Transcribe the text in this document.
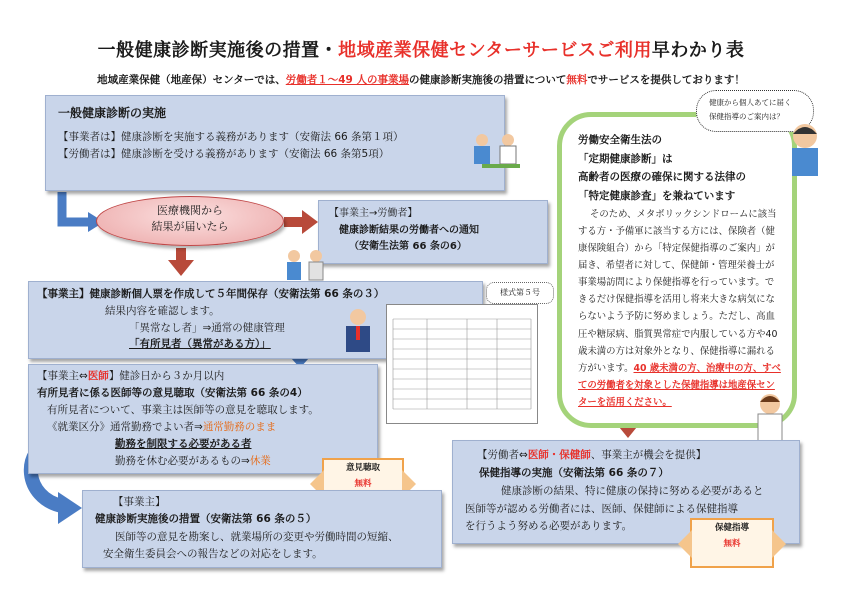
一般健康診断実施後の措置・地域産業保健センターサービスご利用早わかり表
地域産業保健（地産保）センターでは、労働者１～49 人の事業場の健康診断実施後の措置について無料でサービスを提供しております！
一般健康診断の実施
【事業者は】健康診断を実施する義務があります（安衛法 66 条第１項）
【労働者は】健康診断を受ける義務があります（安衛法 66 条第5項）
医療機関から
結果が届いたら
【事業主→労働者】
健康診断結果の労働者への通知
（安衛生法第 66 条の6）
【事業主】健康診断個人票を作成して５年間保存（安衛法第 66 条の３）
結果内容を確認します。
「異常なし者」⇒通常の健康管理
「有所見者（異常がある方）」
様式第５号
【事業主⇔医師】健診日から３か月以内
有所見者に係る医師等の意見聴取（安衛法第 66 条の4）
有所見者について、事業主は医師等の意見を聴取します。
《就業区分》通常勤務でよい者⇒通常勤務のまま
勤務を制限する必要がある者
勤務を休む必要があるもの⇒休業
意見聴取
無料
【事業主】
健康診断実施後の措置（安衛法第 66 条の５）
医師等の意見を勘案し、就業場所の変更や労働時間の短縮、
安全衛生委員会への報告などの対応をします。
労働安全衛生法の
「定期健康診断」は
高齢者の医療の確保に関する法律の
「特定健康診査」を兼ねています
そのため、メタボリックシンドロームに該当する方・予備軍に該当する方には、保険者（健康保険組合）から「特定保健指導のご案内」が届き、希望者に対して、保健師・管理栄養士が事業場訪問により保健指導を行っています。できるだけ保健指導を活用し将来大きな病気にならないよう予防に努めましょう。ただし、高血圧や糖尿病、脂質異常症で内服している方や40 歳未満の方は対象外となり、保健指導に漏れる方がいます。40 歳未満の方、治療中の方、すべての労働者を対象とした保健指導は地産保センターを活用ください。
健康から個人あてに届く
保健指導のご案内は？
【労働者⇔医師・保健師、事業主が機会を提供】
保健指導の実施（安衛法第 66 条の７）
健康診断の結果、特に健康の保持に努める必要があると
医師等が認める労働者には、医師、保健師による保健指導
を行うよう努める必要があります。	保健指導
無料
